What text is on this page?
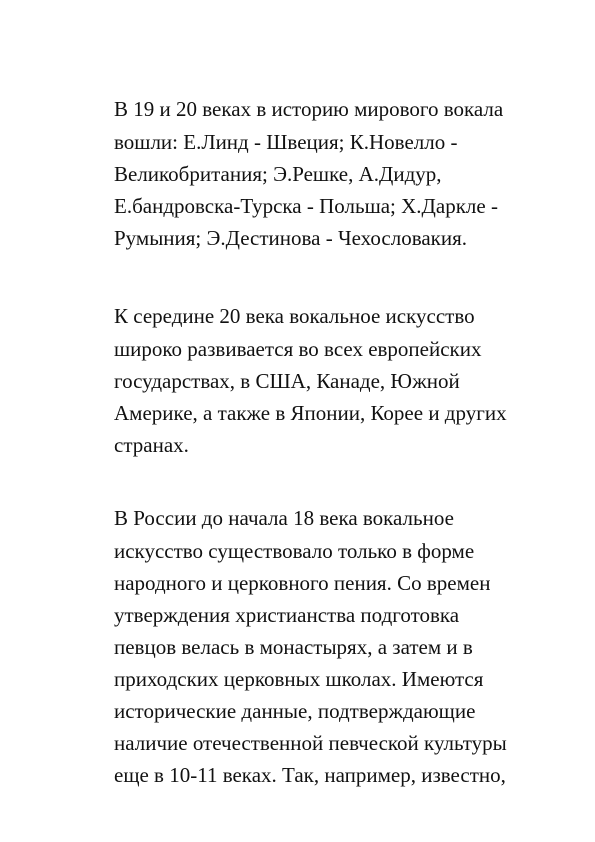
В 19 и 20 веках в историю мирового вокала
вошли: Е.Линд - Швеция; К.Новелло -
Великобритания; Э.Решке, А.Дидур,
Е.бандровска-Турска - Польша; Х.Даркле -
Румыния; Э.Дестинова - Чехословакия.
К середине 20 века вокальное искусство
широко развивается во всех европейских
государствах, в США, Канаде, Южной
Америке, а также в Японии, Корее и других
странах.
В России до начала 18 века вокальное
искусство существовало только в форме
народного и церковного пения. Со времен
утверждения христианства подготовка
певцов велась в монастырях, а затем и в
приходских церковных школах. Имеются
исторические данные, подтверждающие
наличие отечественной певческой культуры
еще в 10-11 веках. Так, например, известно,
